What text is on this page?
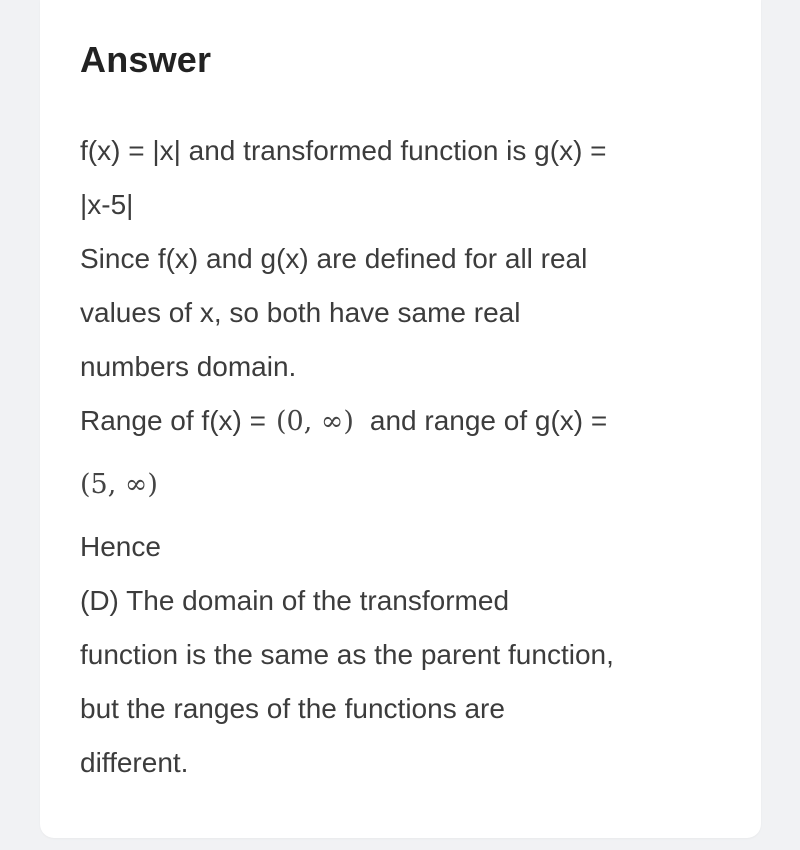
Answer
f(x) = |x| and transformed function is g(x) =
|x-5|
Since f(x) and g(x) are defined for all real
values of x, so both have same real
numbers domain.
Range of f(x) = (0, ∞) and range of g(x) =
(5, ∞)
Hence
(D) The domain of the transformed
function is the same as the parent function,
but the ranges of the functions are
different.
